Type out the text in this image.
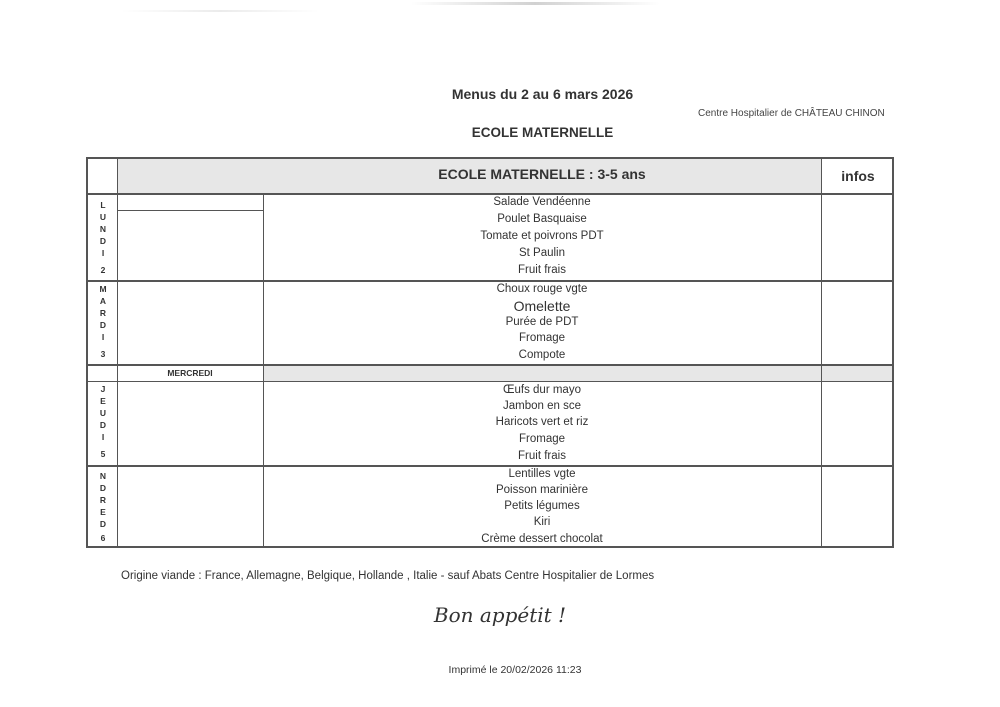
Menus du 2 au 6 mars 2026
Centre Hospitalier de CHÂTEAU CHINON
ECOLE MATERNELLE
ECOLE MATERNELLE : 3-5 ans	infos
L
U
N
D
I
2
Salade Vendéenne
Poulet Basquaise
Tomate et poivrons PDT
St Paulin
Fruit frais
M
A
R
D
I
3
Choux rouge vgte
Omelette
Purée de PDT
Fromage
Compote
MERCREDI
J
E
U
D
I
5
Œufs dur mayo
Jambon en sce
Haricots vert et riz
Fromage
Fruit frais
N
D
R
E
D
6
Lentilles vgte
Poisson marinière
Petits légumes
Kiri
Crème dessert chocolat
Origine viande : France, Allemagne, Belgique, Hollande , Italie - sauf Abats Centre Hospitalier de Lormes
Bon appétit !
Imprimé le 20/02/2026 11:23
